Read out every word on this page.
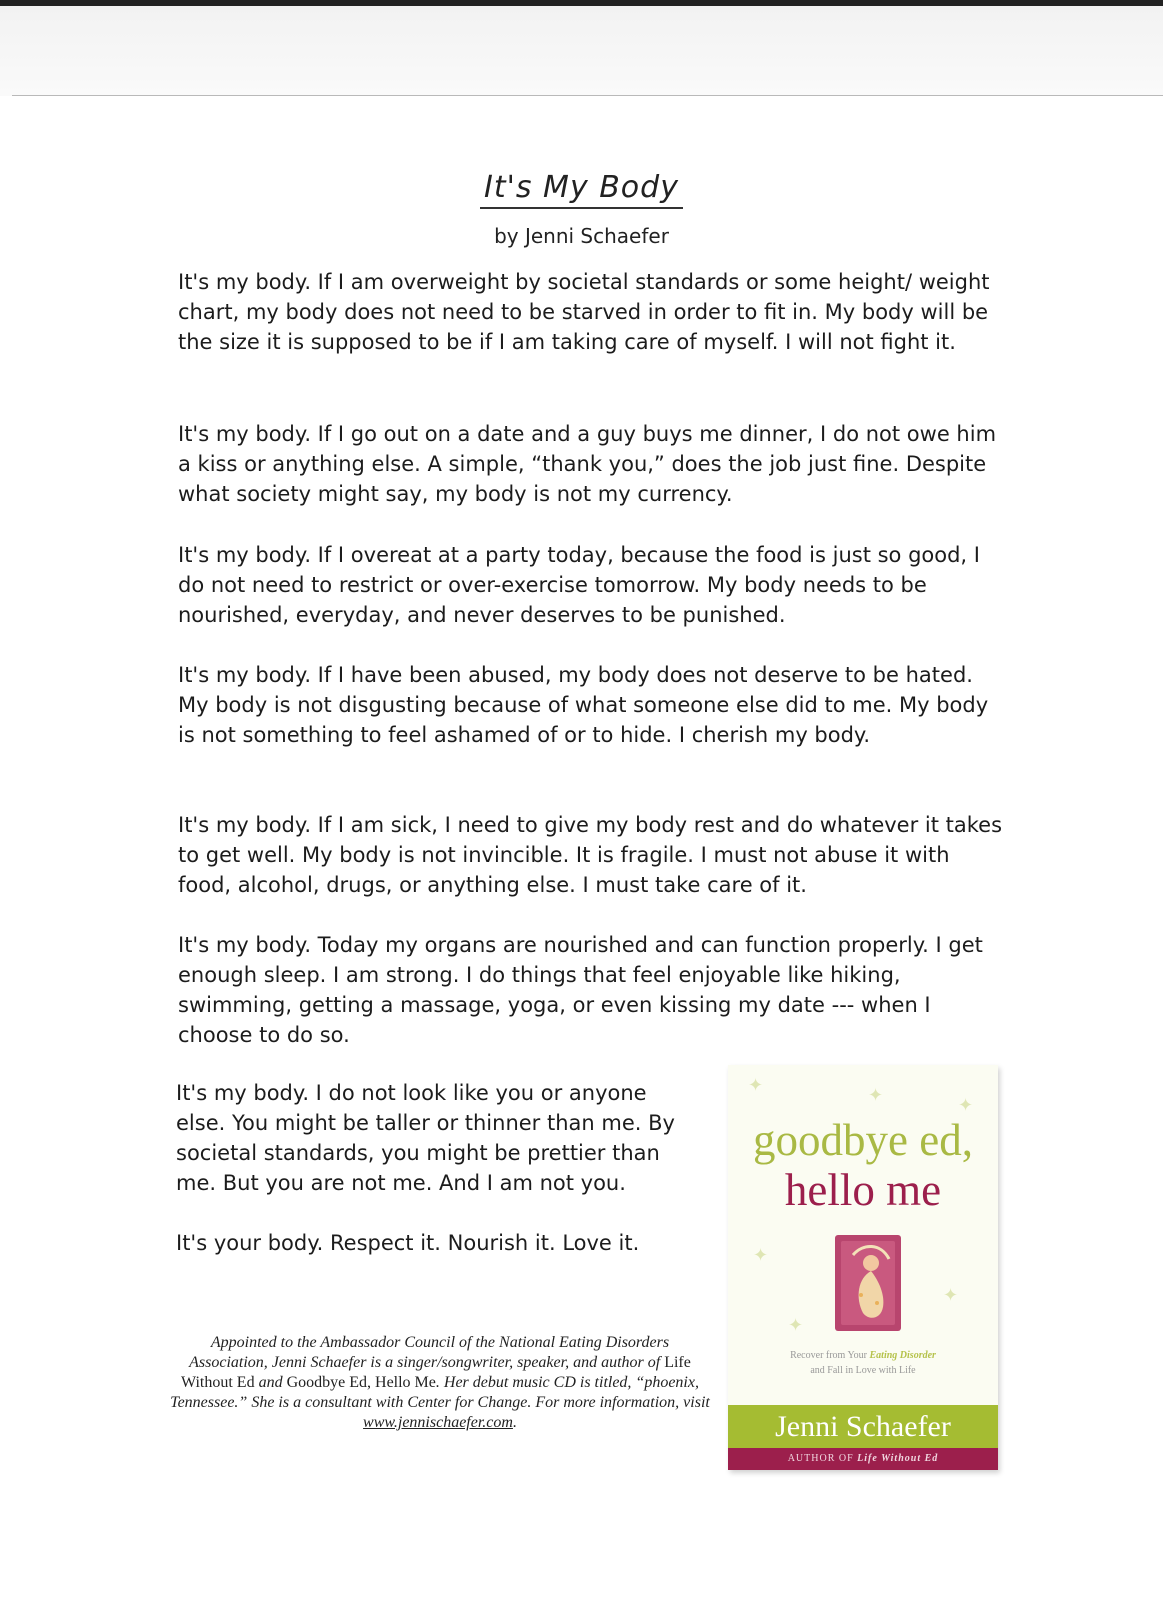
It's My Body
by Jenni Schaefer

It's my body. If I am overweight by societal standards or some height/ weight chart, my body does not need to be starved in order to fit in. My body will be the size it is supposed to be if I am taking care of myself. I will not fight it.

It's my body. If I go out on a date and a guy buys me dinner, I do not owe him a kiss or anything else. A simple, “thank you,” does the job just fine. Despite what society might say, my body is not my currency.

It's my body. If I overeat at a party today, because the food is just so good, I do not need to restrict or over-exercise tomorrow. My body needs to be nourished, everyday, and never deserves to be punished.

It's my body. If I have been abused, my body does not deserve to be hated. My body is not disgusting because of what someone else did to me. My body is not something to feel ashamed of or to hide. I cherish my body.

It's my body. If I am sick, I need to give my body rest and do whatever it takes to get well. My body is not invincible. It is fragile. I must not abuse it with food, alcohol, drugs, or anything else. I must take care of it.

It's my body. Today my organs are nourished and can function properly. I get enough sleep. I am strong. I do things that feel enjoyable like hiking, swimming, getting a massage, yoga, or even kissing my date --- when I choose to do so.

It's my body. I do not look like you or anyone else. You might be taller or thinner than me. By societal standards, you might be prettier than me. But you are not me. And I am not you.

It's your body. Respect it. Nourish it. Love it.

Appointed to the Ambassador Council of the National Eating Disorders Association, Jenni Schaefer is a singer/songwriter, speaker, and author of Life Without Ed and Goodbye Ed, Hello Me. Her debut music CD is titled, “phoenix, Tennessee.” She is a consultant with Center for Change. For more information, visit www.jennischaefer.com.
✦	✦	✦
✦
✦
✦
goodbye ed,
hello me
Recover from Your Eating Disorder
and Fall in Love with Life
Jenni Schaefer
AUTHOR OF Life Without Ed
